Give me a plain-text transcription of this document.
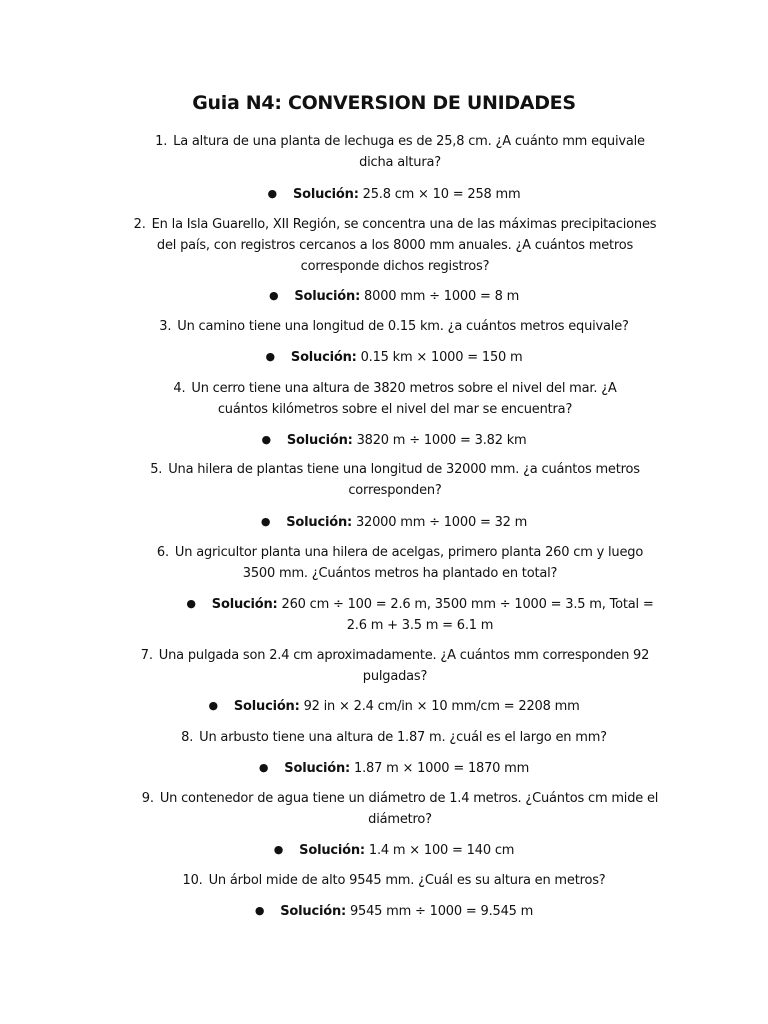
Guia N4: CONVERSION DE UNIDADES
1. La altura de una planta de lechuga es de 25,8 cm. ¿A cuánto mm equivale dicha altura?
● Solución: 25.8 cm × 10 = 258 mm
2. En la Isla Guarello, XII Región, se concentra una de las máximas precipitaciones del país, con registros cercanos a los 8000 mm anuales. ¿A cuántos metros corresponde dichos registros?
● Solución: 8000 mm ÷ 1000 = 8 m
3. Un camino tiene una longitud de 0.15 km. ¿a cuántos metros equivale?
● Solución: 0.15 km × 1000 = 150 m
4. Un cerro tiene una altura de 3820 metros sobre el nivel del mar. ¿A cuántos kilómetros sobre el nivel del mar se encuentra?
● Solución: 3820 m ÷ 1000 = 3.82 km
5. Una hilera de plantas tiene una longitud de 32000 mm. ¿a cuántos metros corresponden?
● Solución: 32000 mm ÷ 1000 = 32 m
6. Un agricultor planta una hilera de acelgas, primero planta 260 cm y luego 3500 mm. ¿Cuántos metros ha plantado en total?
● Solución: 260 cm ÷ 100 = 2.6 m, 3500 mm ÷ 1000 = 3.5 m, Total = 2.6 m + 3.5 m = 6.1 m
7. Una pulgada son 2.4 cm aproximadamente. ¿A cuántos mm corresponden 92 pulgadas?
● Solución: 92 in × 2.4 cm/in × 10 mm/cm = 2208 mm
8. Un arbusto tiene una altura de 1.87 m. ¿cuál es el largo en mm?
● Solución: 1.87 m × 1000 = 1870 mm
9. Un contenedor de agua tiene un diámetro de 1.4 metros. ¿Cuántos cm mide el diámetro?
● Solución: 1.4 m × 100 = 140 cm
10. Un árbol mide de alto 9545 mm. ¿Cuál es su altura en metros?
● Solución: 9545 mm ÷ 1000 = 9.545 m
